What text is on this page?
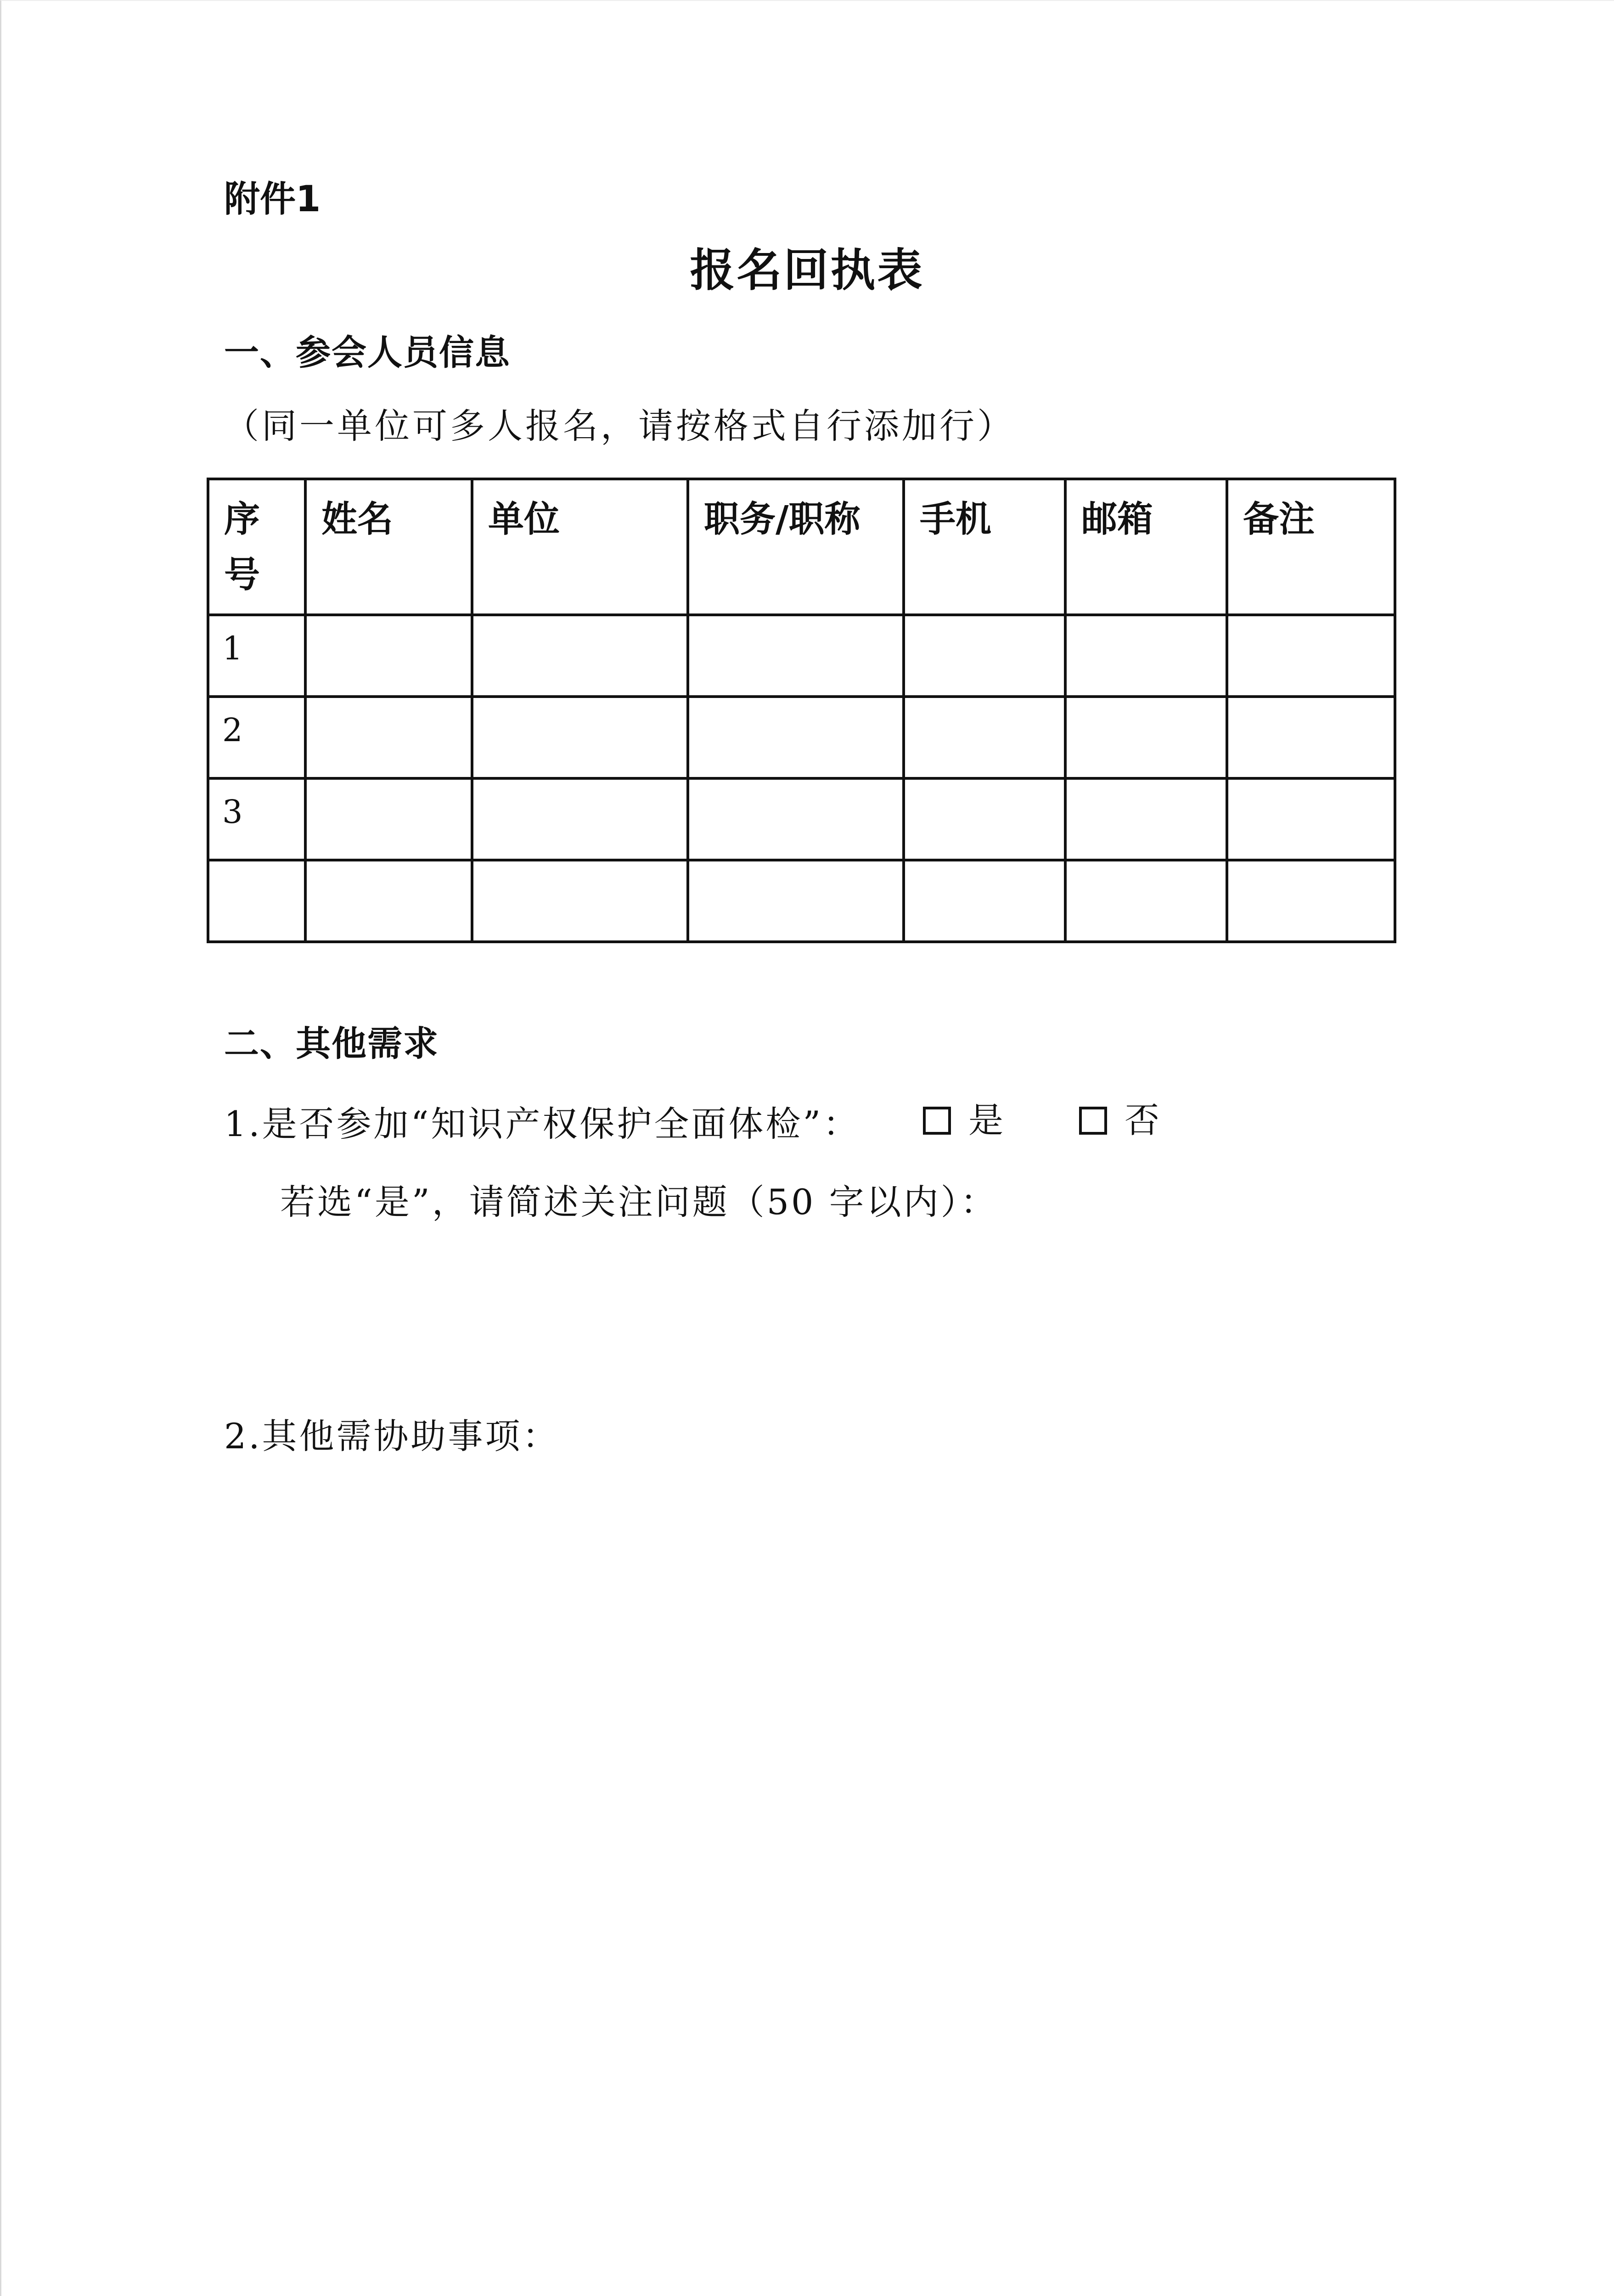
附件1
报名回执表
一、参会人员信息
（同一单位可多人报名，请按格式自行添加行）
序
号	姓名	单位	职务/职称	手机	邮箱	备注

1						

2						

3						

二、其他需求
1.是否参加“知识产权保护全面体检”：	是	否
若选“是”，请简述关注问题（50 字以内）：
2.其他需协助事项：
